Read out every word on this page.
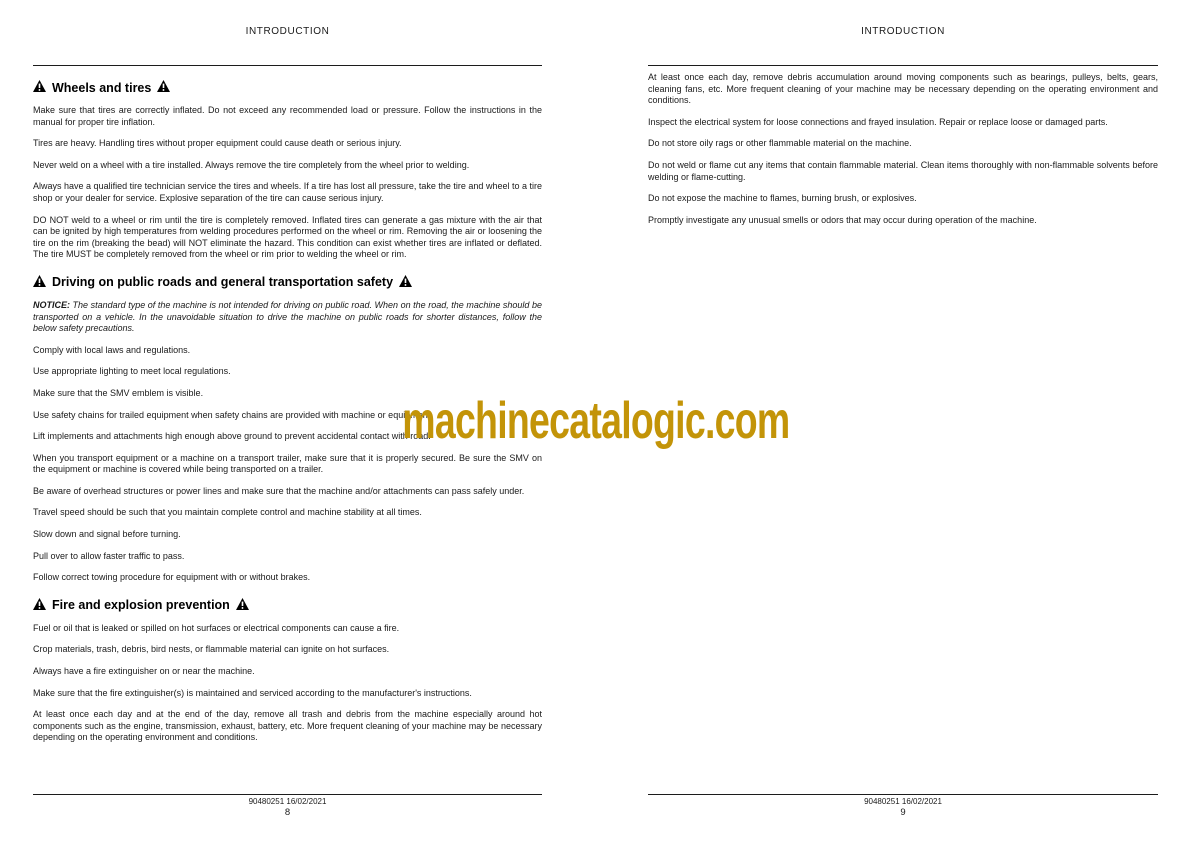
INTRODUCTION
Wheels and tires
Make sure that tires are correctly inflated. Do not exceed any recommended load or pressure. Follow the instructions in the manual for proper tire inflation.
Tires are heavy. Handling tires without proper equipment could cause death or serious injury.
Never weld on a wheel with a tire installed. Always remove the tire completely from the wheel prior to welding.
Always have a qualified tire technician service the tires and wheels. If a tire has lost all pressure, take the tire and wheel to a tire shop or your dealer for service. Explosive separation of the tire can cause serious injury.
DO NOT weld to a wheel or rim until the tire is completely removed. Inflated tires can generate a gas mixture with the air that can be ignited by high temperatures from welding procedures performed on the wheel or rim. Removing the air or loosening the tire on the rim (breaking the bead) will NOT eliminate the hazard. This condition can exist whether tires are inflated or deflated. The tire MUST be completely removed from the wheel or rim prior to welding the wheel or rim.
Driving on public roads and general transportation safety
NOTICE: The standard type of the machine is not intended for driving on public road. When on the road, the machine should be transported on a vehicle. In the unavoidable situation to drive the machine on public roads for shorter distances, follow the below safety precautions.
Comply with local laws and regulations.
Use appropriate lighting to meet local regulations.
Make sure that the SMV emblem is visible.
Use safety chains for trailed equipment when safety chains are provided with machine or equipment.
Lift implements and attachments high enough above ground to prevent accidental contact with road.
When you transport equipment or a machine on a transport trailer, make sure that it is properly secured. Be sure the SMV on the equipment or machine is covered while being transported on a trailer.
Be aware of overhead structures or power lines and make sure that the machine and/or attachments can pass safely under.
Travel speed should be such that you maintain complete control and machine stability at all times.
Slow down and signal before turning.
Pull over to allow faster traffic to pass.
Follow correct towing procedure for equipment with or without brakes.
Fire and explosion prevention
Fuel or oil that is leaked or spilled on hot surfaces or electrical components can cause a fire.
Crop materials, trash, debris, bird nests, or flammable material can ignite on hot surfaces.
Always have a fire extinguisher on or near the machine.
Make sure that the fire extinguisher(s) is maintained and serviced according to the manufacturer's instructions.
At least once each day and at the end of the day, remove all trash and debris from the machine especially around hot components such as the engine, transmission, exhaust, battery, etc. More frequent cleaning of your machine may be necessary depending on the operating environment and conditions.
90480251 16/02/2021
8
INTRODUCTION
At least once each day, remove debris accumulation around moving components such as bearings, pulleys, belts, gears, cleaning fans, etc. More frequent cleaning of your machine may be necessary depending on the operating environment and conditions.
Inspect the electrical system for loose connections and frayed insulation. Repair or replace loose or damaged parts.
Do not store oily rags or other flammable material on the machine.
Do not weld or flame cut any items that contain flammable material. Clean items thoroughly with non-flammable solvents before welding or flame-cutting.
Do not expose the machine to flames, burning brush, or explosives.
Promptly investigate any unusual smells or odors that may occur during operation of the machine.
90480251 16/02/2021
9
machinecatalogic.com
